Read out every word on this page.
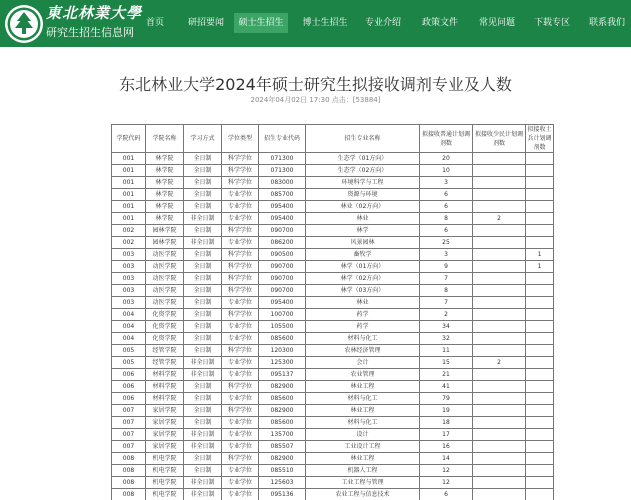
東北林業大學
研究生招生信息网
首页	研招要闻	硕士生招生	博士生招生	专业介绍	政策文件	常见问题	下载专区	联系我们
东北林业大学2024年硕士研究生拟接收调剂专业及人数
2024年04月02日 17:30 点击：[53884]
学院代码	学院名称	学习方式	学位类型	招生专业代码	招生专业名称	拟接收普通计划调剂数	拟接收少民计划调剂数	拟接收士兵计划调剂数
001	林学院	全日制	科学学位	071300	生态学（01方向）	20		
001	林学院	全日制	科学学位	071300	生态学（02方向）	10		
001	林学院	全日制	科学学位	083000	环境科学与工程	3		
001	林学院	全日制	专业学位	085700	资源与环境	6		
001	林学院	全日制	专业学位	095400	林业（02方向）	6		
001	林学院	非全日制	专业学位	095400	林业	8	2	
002	园林学院	全日制	科学学位	090700	林学	6		
002	园林学院	非全日制	专业学位	086200	风景园林	25		
003	动医学院	全日制	科学学位	090500	畜牧学	3		1
003	动医学院	全日制	科学学位	090700	林学（01方向）	9		1
003	动医学院	全日制	科学学位	090700	林学（02方向）	7		
003	动医学院	全日制	科学学位	090700	林学（03方向）	8		
003	动医学院	全日制	专业学位	095400	林业	7		
004	化资学院	全日制	科学学位	100700	药学	2		
004	化资学院	全日制	专业学位	105500	药学	34		
004	化资学院	全日制	专业学位	085600	材料与化工	32		
005	经管学院	全日制	科学学位	120300	农林经济管理	11		
005	经管学院	非全日制	专业学位	125300	会计	15	2	
006	材料学院	非全日制	专业学位	095137	农业管理	21		
006	材料学院	全日制	科学学位	082900	林业工程	41		
006	材料学院	全日制	专业学位	085600	材料与化工	79		
007	家居学院	全日制	科学学位	082900	林业工程	19		
007	家居学院	全日制	专业学位	085600	材料与化工	18		
007	家居学院	非全日制	专业学位	135700	设计	17		
007	家居学院	非全日制	专业学位	085507	工业设计工程	16		
008	机电学院	全日制	科学学位	082900	林业工程	14		
008	机电学院	全日制	专业学位	085510	机器人工程	12		
008	机电学院	非全日制	专业学位	125603	工业工程与管理	12		
008	机电学院	非全日制	专业学位	095136	农业工程与信息技术	6		
